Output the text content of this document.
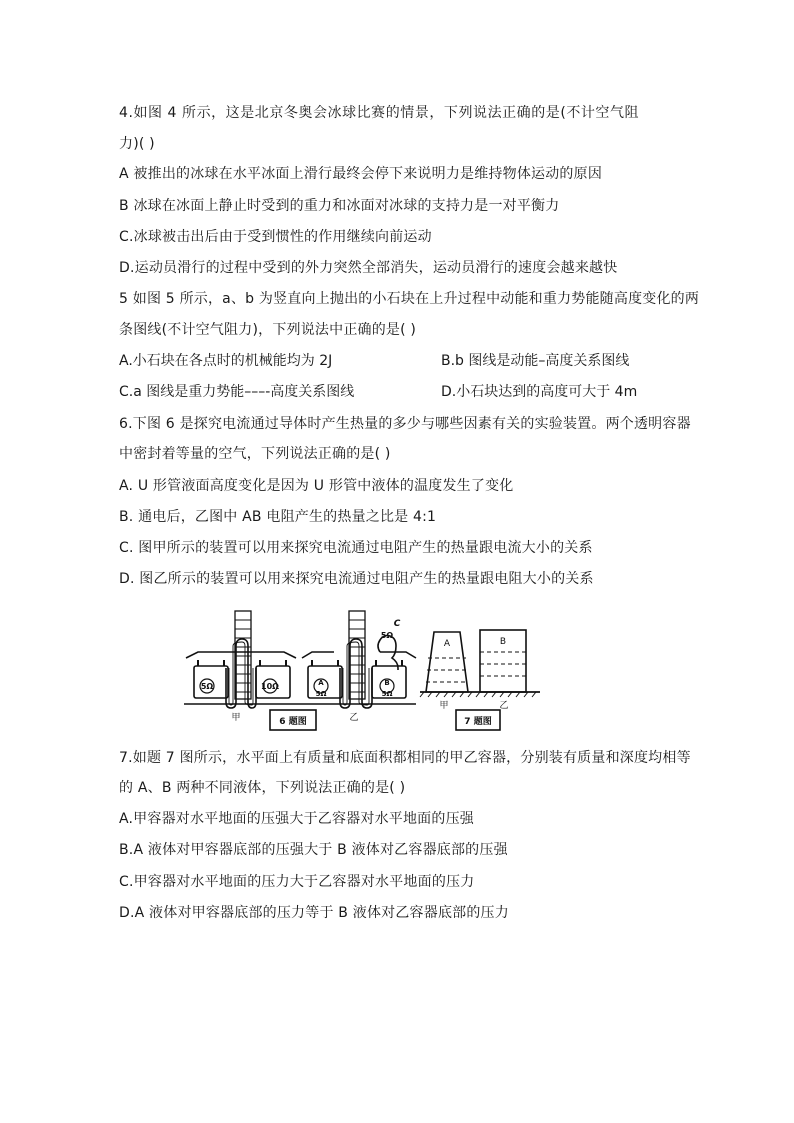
4.如图 4 所示，这是北京冬奥会冰球比赛的情景，下列说法正确的是(不计空气阻
力)( )
A 被推出的冰球在水平冰面上滑行最终会停下来说明力是维持物体运动的原因
B 冰球在冰面上静止时受到的重力和冰面对冰球的支持力是一对平衡力
C.冰球被击出后由于受到惯性的作用继续向前运动
D.运动员滑行的过程中受到的外力突然全部消失，运动员滑行的速度会越来越快
5 如图 5 所示，a、b 为竖直向上抛出的小石块在上升过程中动能和重力势能随高度变化的两
条图线(不计空气阻力)，下列说法中正确的是( )
A.小石块在各点时的机械能均为 2J	B.b 图线是动能–高度关系图线
C.a 图线是重力势能–––-高度关系图线	D.小石块达到的高度可大于 4m
6.下图 6 是探究电流通过导体时产生热量的多少与哪些因素有关的实验装置。两个透明容器
中密封着等量的空气，下列说法正确的是( )
A. U 形管液面高度变化是因为 U 形管中液体的温度发生了变化
B. 通电后，乙图中 AB 电阻产生的热量之比是 4:1
C. 图甲所示的装置可以用来探究电流通过电阻产生的热量跟电流大小的关系
D. 图乙所示的装置可以用来探究电流通过电阻产生的热量跟电阻大小的关系
5Ω	10Ω	A
5Ω
B
5Ω
C
5Ω
甲	乙
6 题图
A	B
甲	乙
7 题图
7.如题 7 图所示，水平面上有质量和底面积都相同的甲乙容器，分别装有质量和深度均相等
的 A、B 两种不同液体，下列说法正确的是( )
A.甲容器对水平地面的压强大于乙容器对水平地面的压强
B.A 液体对甲容器底部的压强大于 B 液体对乙容器底部的压强
C.甲容器对水平地面的压力大于乙容器对水平地面的压力
D.A 液体对甲容器底部的压力等于 B 液体对乙容器底部的压力
